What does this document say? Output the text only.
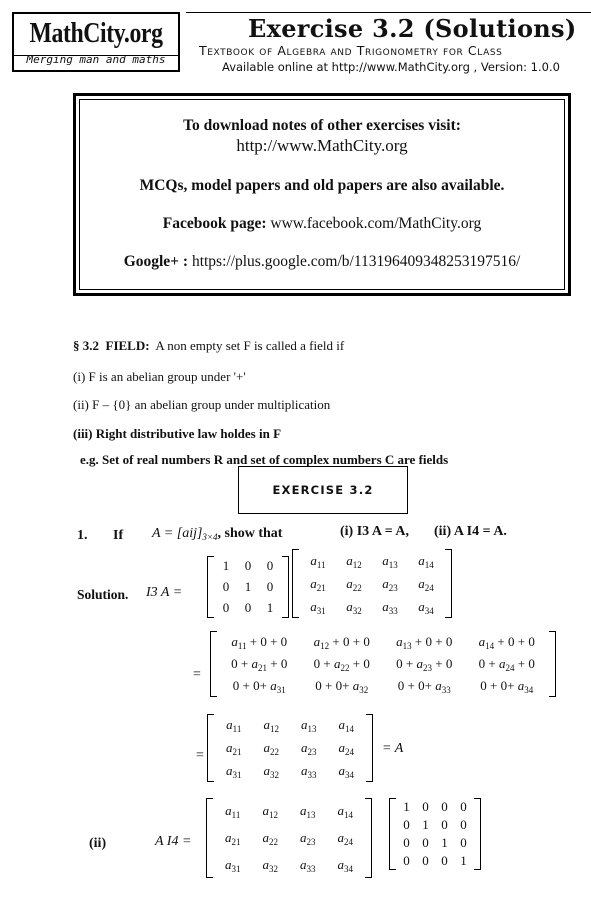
MathCity.org
Merging man and maths
Exercise 3.2 (Solutions)
Textbook of Algebra and Trigonometry for Class
Available online at http://www.MathCity.org , Version: 1.0.0

To download notes of other exercises visit:

http://www.MathCity.org

MCQs, model papers and old papers are also available.

Facebook page: www.facebook.com/MathCity.org

Google+ : https://plus.google.com/b/113196409348253197516/

§ 3.2 FIELD: A non empty set F is called a field if
(i) F is an abelian group under '+'
(ii) F – {0} an abelian group under multiplication
(iii) Right distributive law holdes in F
e.g. Set of real numbers R and set of complex numbers C are fields
EXERCISE 3.2
1. If $A = [aij]_{3\times 4}$, show that	(i) I3 A = A, (ii) A I4 = A.
Solution. I3 A =
1	0	0
0	1	0
0	0	1
$a_{11}$	$a_{12}$	$a_{13}$	$a_{14}$
$a_{21}$	$a_{22}$	$a_{23}$	$a_{24}$
$a_{31}$	$a_{32}$	$a_{33}$	$a_{34}$
$a_{11} + 0 + 0$	$a_{12} + 0 + 0$	$a_{13} + 0 + 0$	$a_{14} + 0 + 0$
$0 + a_{21} + 0$	$0 + a_{22} + 0$	$0 + a_{23} + 0$	$0 + a_{24} + 0$
$0 + 0+ a_{31}$	$0 + 0+ a_{32}$	$0 + 0+ a_{33}$	$0 + 0+ a_{34}$
$a_{11}$	$a_{12}$	$a_{13}$	$a_{14}$
$a_{21}$	$a_{22}$	$a_{23}$	$a_{24}$
$a_{31}$	$a_{32}$	$a_{33}$	$a_{34}$
$a_{11}$	$a_{12}$	$a_{13}$	$a_{14}$
$a_{21}$	$a_{22}$	$a_{23}$	$a_{24}$
$a_{31}$	$a_{32}$	$a_{33}$	$a_{34}$
1 0 0 0
0 1 0 0
0 0 1 0
0 0 0 1
=
=	= A
(ii)	A I4 =
